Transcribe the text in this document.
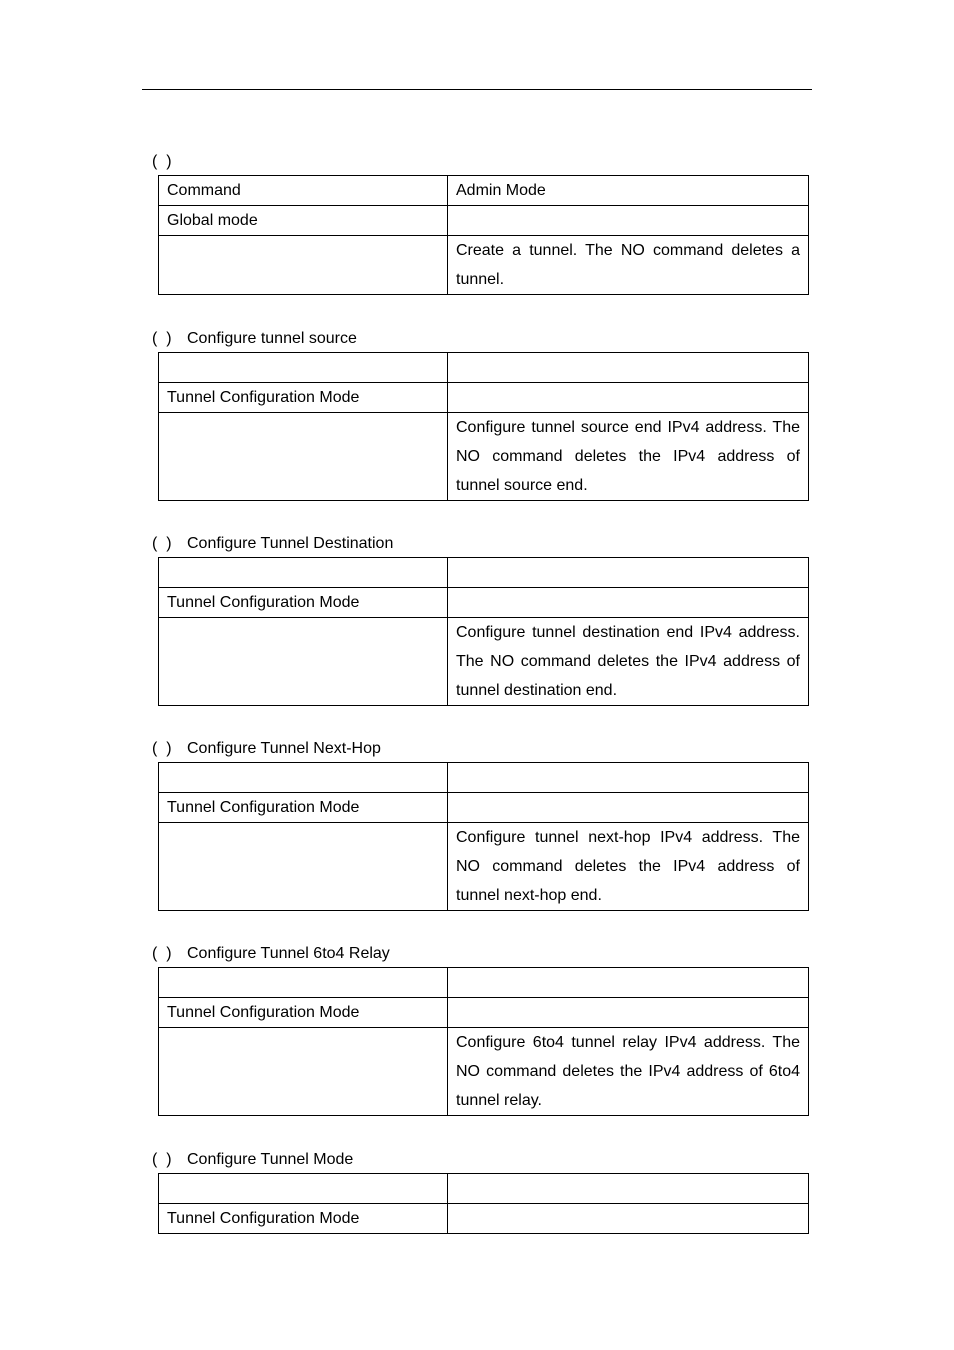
(  )
Command	Admin Mode
Global mode	
	Create a tunnel. The NO command deletes a tunnel.
(  ) Configure tunnel source

Tunnel Configuration Mode	
	Configure tunnel source end IPv4 address. The NO command deletes the IPv4 address of tunnel source end.
(  ) Configure Tunnel Destination

Tunnel Configuration Mode	
	Configure tunnel destination end IPv4 address. The NO command deletes the IPv4 address of tunnel destination end.
(  ) Configure Tunnel Next-Hop

Tunnel Configuration Mode	
	Configure tunnel next-hop IPv4 address. The NO command deletes the IPv4 address of tunnel next-hop end.
(  ) Configure Tunnel 6to4 Relay

Tunnel Configuration Mode	
	Configure 6to4 tunnel relay IPv4 address. The NO command deletes the IPv4 address of 6to4 tunnel relay.
(  ) Configure Tunnel Mode

Tunnel Configuration Mode	
